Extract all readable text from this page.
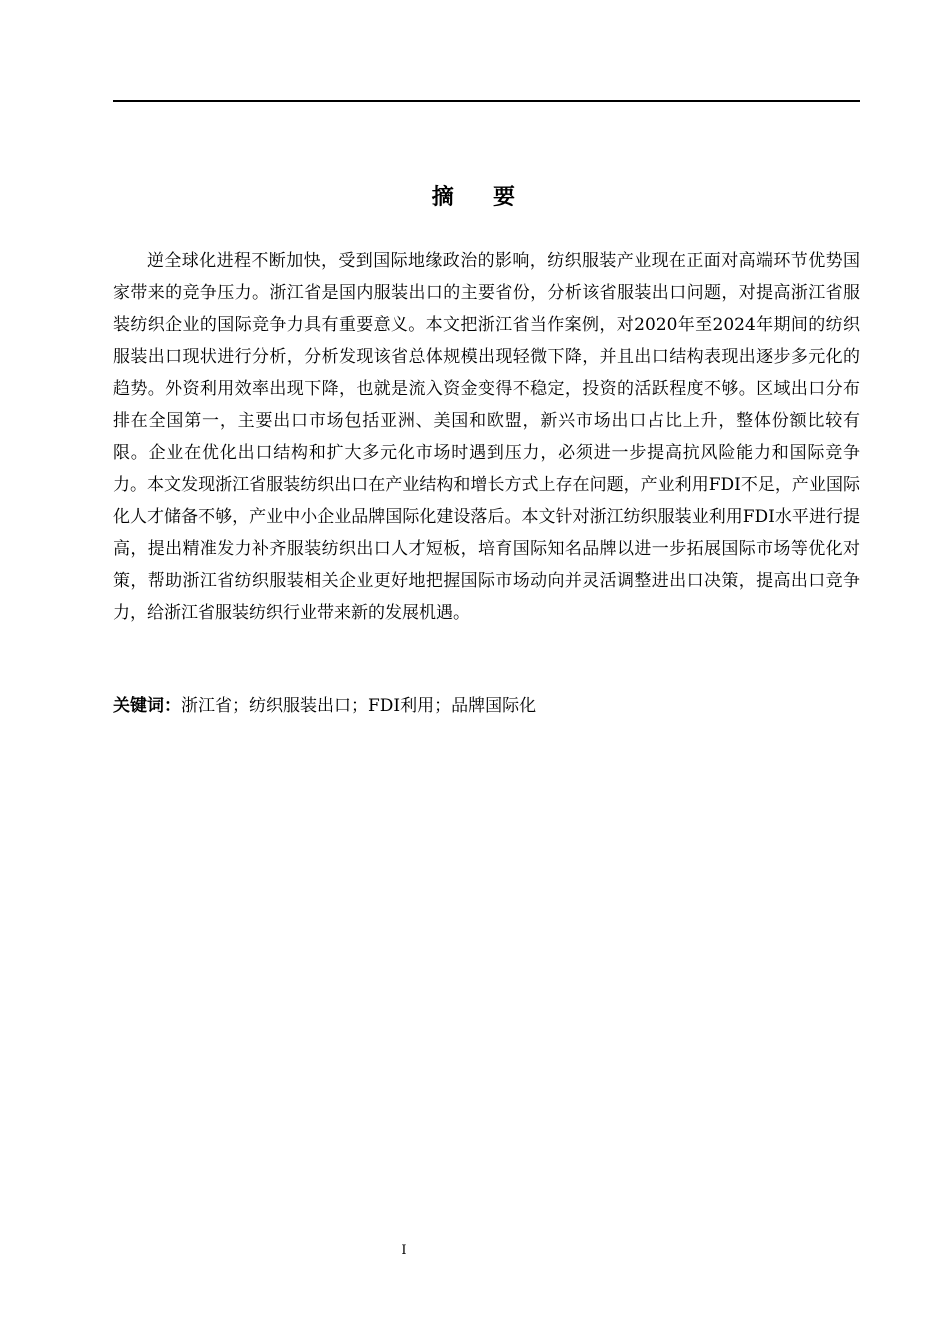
摘 要

逆全球化进程不断加快，受到国际地缘政治的影响，纺织服装产业现在正面对高端环节优势国家带来的竞争压力。浙江省是国内服装出口的主要省份，分析该省服装出口问题，对提高浙江省服装纺织企业的国际竞争力具有重要意义。本文把浙江省当作案例，对2020年至2024年期间的纺织服装出口现状进行分析，分析发现该省总体规模出现轻微下降，并且出口结构表现出逐步多元化的趋势。外资利用效率出现下降，也就是流入资金变得不稳定，投资的活跃程度不够。区域出口分布排在全国第一，主要出口市场包括亚洲、美国和欧盟，新兴市场出口占比上升，整体份额比较有限。企业在优化出口结构和扩大多元化市场时遇到压力，必须进一步提高抗风险能力和国际竞争力。本文发现浙江省服装纺织出口在产业结构和增长方式上存在问题，产业利用FDI不足，产业国际化人才储备不够，产业中小企业品牌国际化建设落后。本文针对浙江纺织服装业利用FDI水平进行提高，提出精准发力补齐服装纺织出口人才短板，培育国际知名品牌以进一步拓展国际市场等优化对策，帮助浙江省纺织服装相关企业更好地把握国际市场动向并灵活调整进出口决策，提高出口竞争力，给浙江省服装纺织行业带来新的发展机遇。

关键词：浙江省；纺织服装出口；FDI利用；品牌国际化

I
